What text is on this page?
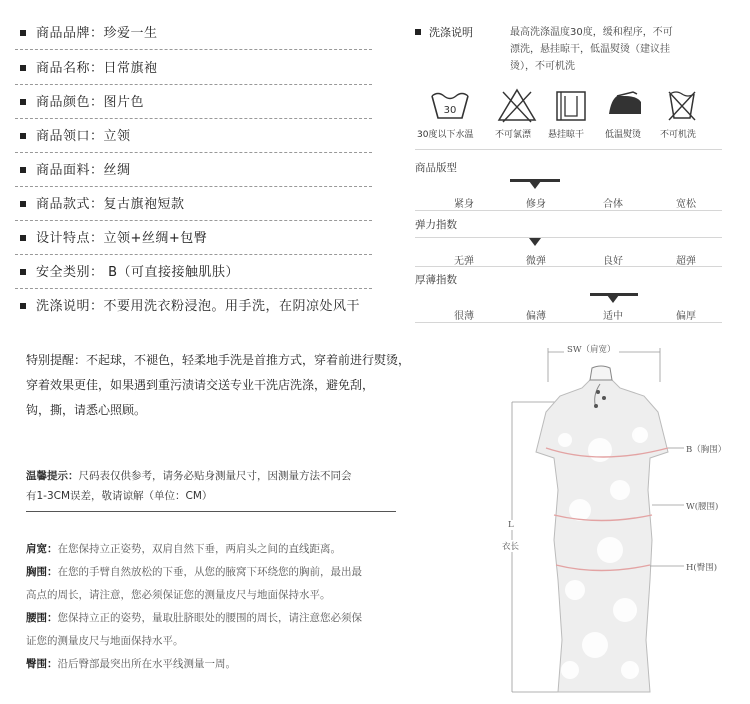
商品品牌：珍爱一生
商品名称：日常旗袍
商品颜色：图片色
商品领口：立领
商品面料：丝绸
商品款式：复古旗袍短款
设计特点：立领+丝绸+包臀
安全类别： B（可直接接触肌肤）
洗涤说明：不要用洗衣粉浸泡。用手洗，在阴凉处风干
洗涤说明	最高洗涤温度30度，缓和程序，不可
漂洗，悬挂晾干，低温熨烫（建议挂
烫），不可机洗
30
30度以下水温 不可氯漂 悬挂晾干 低温熨烫 不可机洗
商品版型
紧身	修身	合体	宽松
弹力指数
无弹	微弹	良好	超弹
厚薄指数
很薄	偏薄	适中	偏厚
特别提醒：不起球，不褪色，轻柔地手洗是首推方式，穿着前进行熨烫，
穿着效果更佳，如果遇到重污渍请交送专业干洗店洗涤，避免刮，
钩，撕，请悉心照顾。
温馨提示：尺码表仅供参考，请务必贴身测量尺寸，因测量方法不同会
有1-3CM误差，敬请谅解（单位：CM）
肩宽：在您保持立正姿势，双肩自然下垂，两肩头之间的直线距离。
胸围：在您的手臂自然放松的下垂，从您的腋窝下环绕您的胸前，最出最
高点的周长，请注意，您必须保证您的测量皮尺与地面保持水平。
腰围：您保持立正的姿势，量取肚脐眼处的腰围的周长，请注意您必须保
证您的测量皮尺与地面保持水平。
臀围：沿后臀部最突出所在水平线测量一周。
SW（肩宽）
B（胸围）
W(腰围)
H(臀围)
L
衣长
